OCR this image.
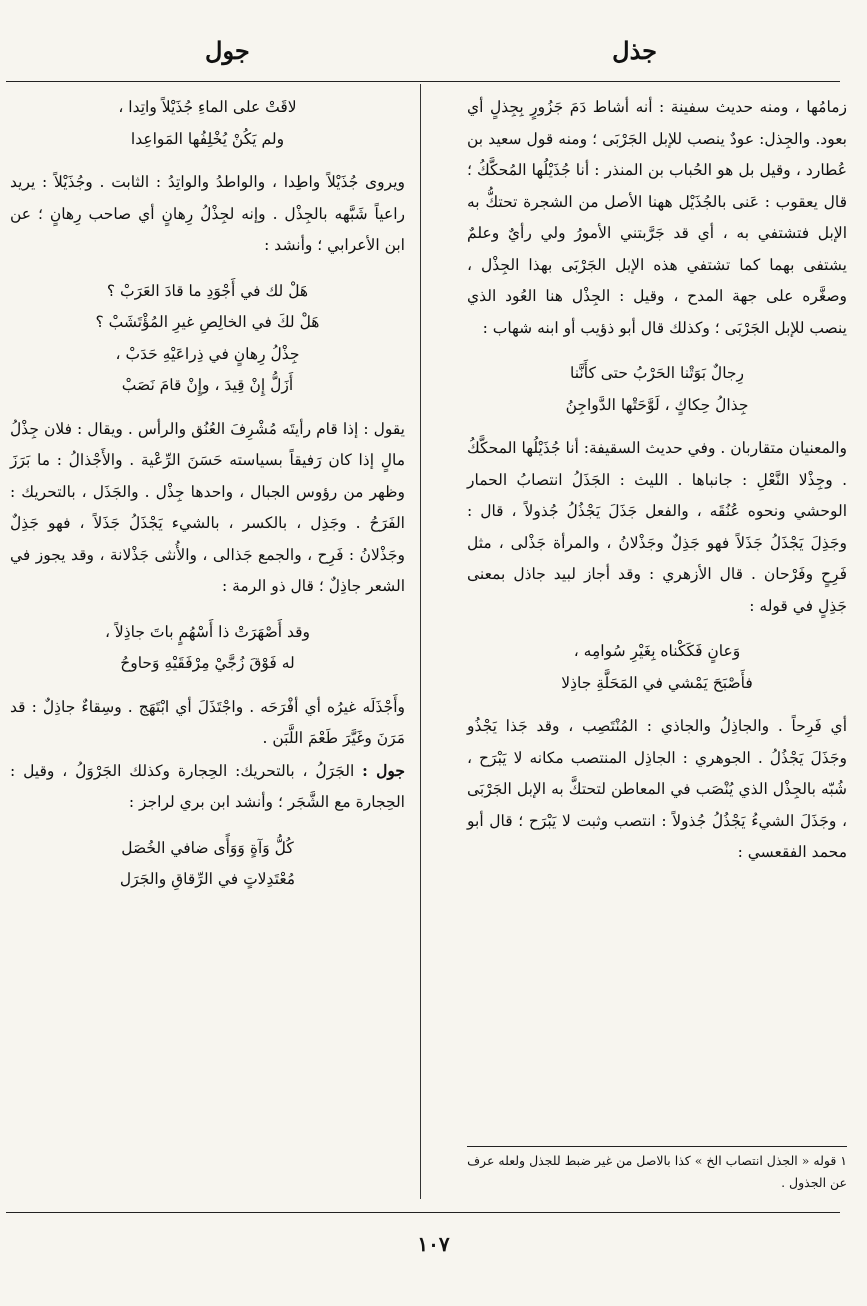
جذل
جول

زمامُها ، ومنه حديث سفينة : أنه أشاط دَمَ جَزُورٍ بِجِذلٍ أي بعود. والجِذل: عودٌ ينصب للإبل الجَرْبَى ؛ ومنه قول سعيد بن عُطارد ، وقيل بل هو الحُباب بن المنذر : أنا جُذَيْلُها المُحكَّكُ ؛ قال يعقوب : عَنى بالجُذَيْل ههنا الأصل من الشجرة تحتكُّ به الإبل فتشتفي به ، أي قد جَرَّبتني الأمورُ ولي رأيٌ وعلمٌ يشتفى بهما كما تشتفي هذه الإبل الجَرْبَى بهذا الجِذْل ، وصغَّره على جهة المدح ، وقيل : الجِذْل هنا العُود الذي ينصب للإبل الجَرْبَى ؛ وكذلك قال أبو ذؤيب أو ابنه شهاب :

رِجالٌ بَوَتْنا الحَرْبُ حتى كأَنَّنا
جِذالُ حِكاكٍ ، لَوَّحَتْها الدَّواجِنُ

والمعنيان متقاربان . وفي حديث السقيفة: أنا جُذَيْلُها المحكَّكُ . وجِذْلا النَّعْلِ : جانباها . الليث : الجَذَلُ انتصابُ الحمار الوحشي ونحوه عُنُقَه ، والفعل جَذَلَ يَجْذُلُ جُذولاً ، قال : وجَذِلَ يَجْذَلُ جَذَلاً فهو جَذِلٌ وجَذْلانُ ، والمرأة جَذْلى ، مثل فَرِحٍ وفَرْحان . قال الأزهري : وقد أجاز لبيد جاذل بمعنى جَذِلٍ في قوله :

وَعانٍ فَكَكْناه بِغَيْرِ سُوامِه ،
فأَصْبَحَ يَمْشي في المَحَلَّةِ جاذِلا

أي فَرِحاً . والجاذِلُ والجاذي : المُنْتَصِب ، وقد جَذا يَجْذُو وجَذَلَ يَجْذُلُ . الجوهري : الجاذِل المنتصب مكانه لا يَبْرَح ، شُبّه بالجِذْل الذي يُنْصَب في المعاطن لتحتكَّ به الإبل الجَرْبَى ، وجَذَلَ الشيءُ يَجْذُلُ جُذولاً : انتصب وثبت لا يَبْرَح ؛ قال أبو محمد الفقعسي :

١ قوله « الجذل انتصاب الخ » كذا بالاصل من غير ضبط للجذل ولعله عرف عن الجذول .
لاقَتْ على الماءِ جُذَيْلاً واتِدا ،
ولم يَكُنْ يُخْلِفُها المَواعِدا

ويروى جُذَيْلاً واطِدا ، والواطدُ والواتِدُ : الثابت . وجُذَيْلاً : يريد راعياً شَبَّهه بالجِذْل . وإنه لجِذْلُ رِهانٍ أي صاحب رِهانٍ ؛ عن ابن الأعرابي ؛ وأنشد :

هَلْ لك في أَجْوَدِ ما قادَ العَرَبْ ؟
هَلْ لكَ في الخالِصِ غيرِ المُؤْتَشَبْ ؟
جِذْلُ رِهانٍ في ذِراعَيْهِ حَدَبْ ،
أَزَلُّ إِنْ قِيدَ ، وإِنْ قامَ نَصَبْ

يقول : إذا قام رأيتَه مُشْرِفَ العُنُق والرأس . ويقال : فلان جِذْلُ مالٍ إذا كان رَفيقاً بسياسته حَسَنَ الرِّعْية . والأَجْذالُ : ما بَرَزَ وظهر من رؤوس الجبال ، واحدها جِذْل . والجَذَل ، بالتحريك : الفَرَحُ . وجَذِل ، بالكسر ، بالشيء يَجْذَلُ جَذَلاً ، فهو جَذِلٌ وجَذْلانُ : فَرِح ، والجمع جَذالى ، والأُنثى جَذْلانة ، وقد يجوز في الشعر جاذِلٌ ؛ قال ذو الرمة :

وقد أَصْهَرَتْ ذا أَسْهُمٍ باتَ جاذِلاً ،
له فَوْقَ زُجَّيْ مِرْفَقَيْهِ وَحاوحُ

وأَجْذَلَه غيرُه أي أفْرَحَه . واجْتَذَلَ أي ابْتَهَج . وسِقاءٌ جاذِلٌ : قد مَرَنَ وغَيَّرَ طَعْمَ اللَّبَن .

جول : الجَرَلُ ، بالتحريك: الحِجارة وكذلك الجَرْوَلُ ، وقيل : الحِجارة مع الشَّجَر ؛ وأنشد ابن بري لراجز :

كُلُّ وَآةٍ وَوَأًى ضافي الخُصَل
مُعْتَدِلاتٍ في الرِّقاقِ والجَرَل
١٠٧
